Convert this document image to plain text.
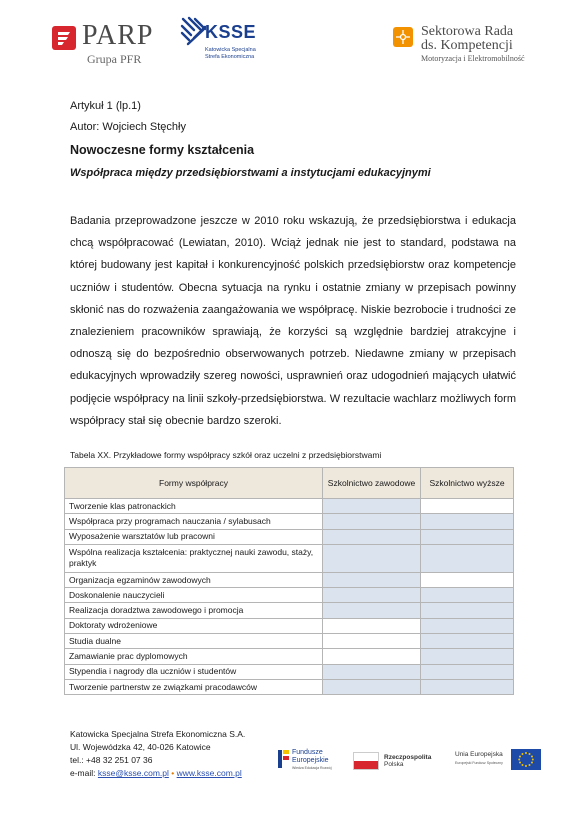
PARP
Grupa PFR
KSSE
Katowicka Specjalna Strefa Ekonomiczna
Sektorowa Rada
ds. Kompetencji
Motoryzacja i Elektromobilność
Artykuł 1 (lp.1)
Autor: Wojciech Stęchły
Nowoczesne formy kształcenia
Współpraca między przedsiębiorstwami a instytucjami edukacyjnymi

Badania przeprowadzone jeszcze w 2010 roku wskazują, że przedsiębiorstwa i edukacja chcą współpracować (Lewiatan, 2010). Wciąż jednak nie jest to standard, podstawa na której budowany jest kapitał i konkurencyjność polskich przedsiębiorstw oraz kompetencje uczniów i studentów. Obecna sytuacja na rynku i ostatnie zmiany w przepisach powinny skłonić nas do rozważenia zaangażowania we współpracę. Niskie bezrobocie i trudności ze znalezieniem pracowników sprawiają, że korzyści są względnie bardziej atrakcyjne i odnoszą się do bezpośrednio obserwowanych potrzeb. Niedawne zmiany w przepisach edukacyjnych wprowadziły szereg nowości, usprawnień oraz udogodnień mających ułatwić podjęcie współpracy na linii szkoły-przedsiębiorstwa. W rezultacie wachlarz możliwych form współpracy stał się obecnie bardzo szeroki.

Tabela XX. Przykładowe formy współpracy szkół oraz uczelni z przedsiębiorstwami
Formy współpracy	Szkolnictwo zawodowe	Szkolnictwo wyższe
Tworzenie klas patronackich		
Współpraca przy programach nauczania / sylabusach		
Wyposażenie warsztatów lub pracowni		
Wspólna realizacja kształcenia: praktycznej nauki zawodu, staży, praktyk		
Organizacja egzaminów zawodowych		
Doskonalenie nauczycieli		
Realizacja doradztwa zawodowego i promocja		
Doktoraty wdrożeniowe		
Studia dualne		
Zamawianie prac dyplomowych		
Stypendia i nagrody dla uczniów i studentów		
Tworzenie partnerstw ze związkami pracodawców		
Katowicka Specjalna Strefa Ekonomiczna S.A.
Ul. Wojewódzka 42, 40-026 Katowice
tel.: +48 32 251 07 36
e-mail: ksse@ksse.com.pl • www.ksse.com.pl
Fundusze
Europejskie
Wiedza Edukacja Rozwój
Rzeczpospolita
Polska
Unia Europejska
Europejski Fundusz Społeczny
